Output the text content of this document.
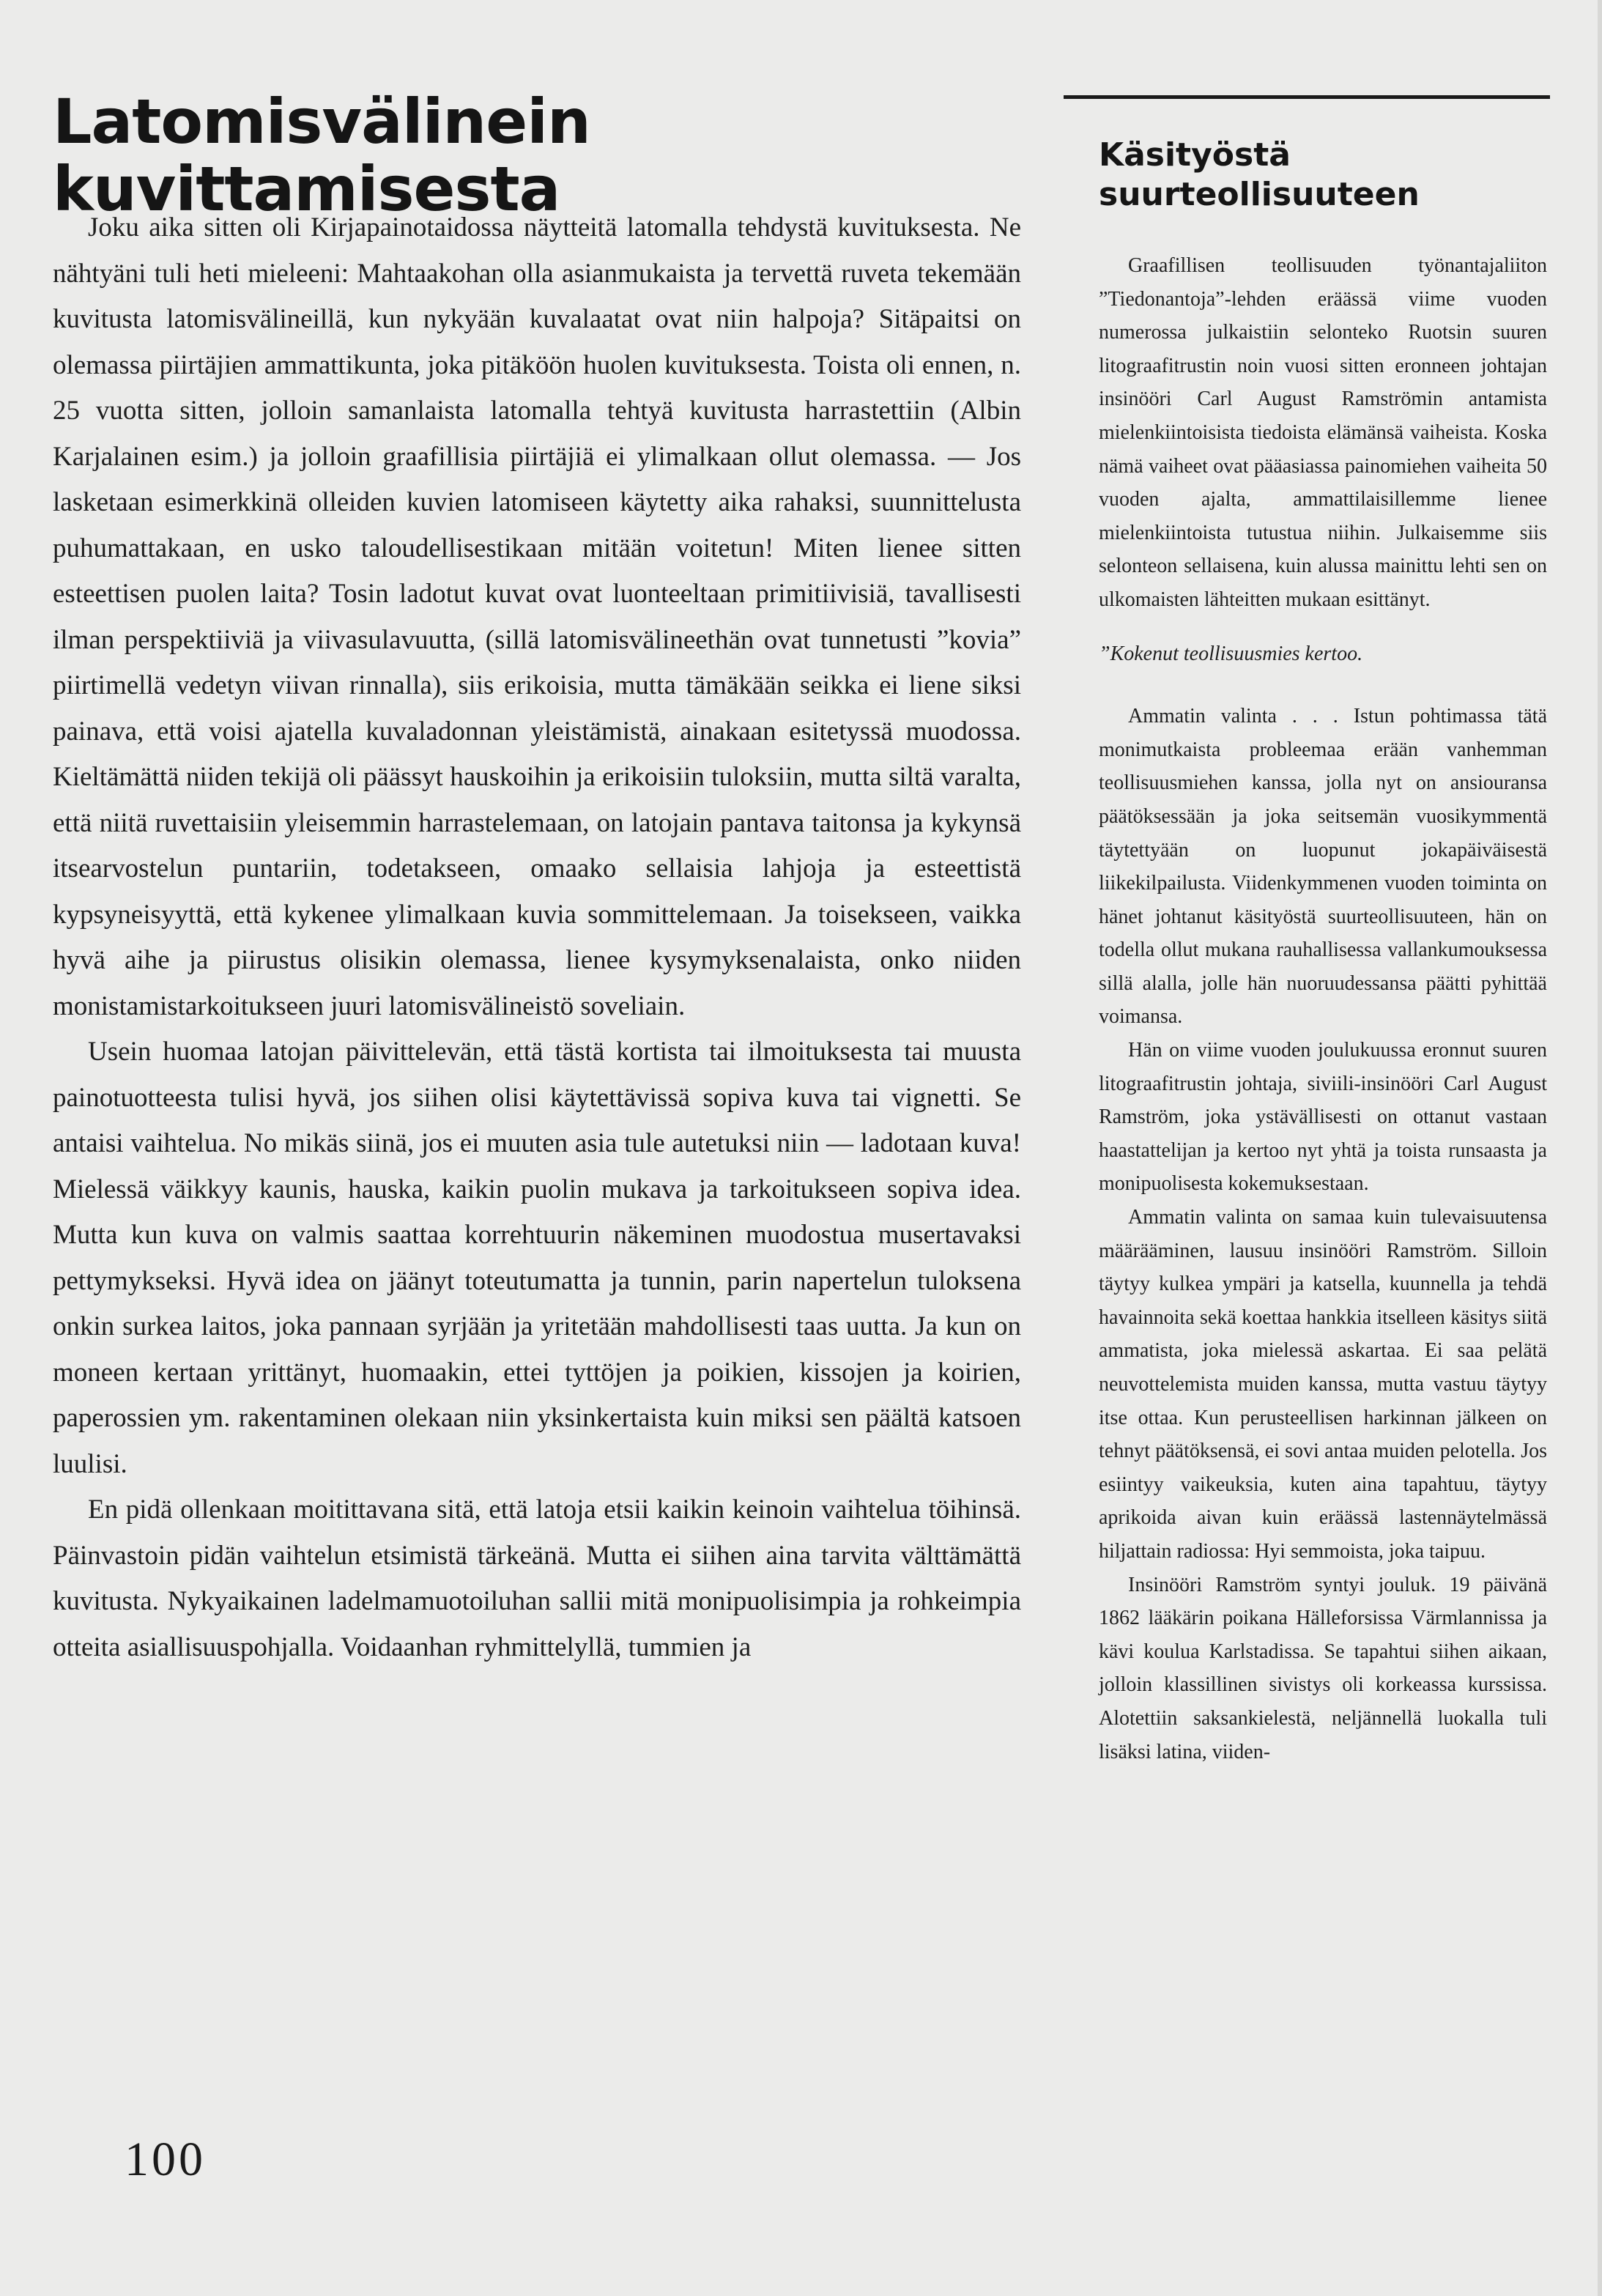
Latomisvälinein kuvittamisesta

Joku aika sitten oli Kirjapainotaidossa näytteitä latomalla tehdystä kuvituksesta. Ne nähtyäni tuli heti mieleeni: Mahtaakohan olla asianmukaista ja tervettä ruveta tekemään kuvitusta latomisvälineillä, kun nykyään kuvalaatat ovat niin halpoja? Sitäpaitsi on olemassa piirtäjien ammattikunta, joka pitäköön huolen kuvituksesta. Toista oli ennen, n. 25 vuotta sitten, jolloin samanlaista latomalla tehtyä kuvitusta harrastettiin (Albin Karjalainen esim.) ja jolloin graafillisia piirtäjiä ei ylimalkaan ollut olemassa. — Jos lasketaan esimerkkinä olleiden kuvien latomiseen käytetty aika rahaksi, suunnittelusta puhumattakaan, en usko taloudellisestikaan mitään voitetun! Miten lienee sitten esteettisen puolen laita? Tosin ladotut kuvat ovat luonteeltaan primitiivisiä, tavallisesti ilman perspektiiviä ja viivasulavuutta, (sillä latomisvälineethän ovat tunnetusti ”kovia” piirtimellä vedetyn viivan rinnalla), siis erikoisia, mutta tämäkään seikka ei liene siksi painava, että voisi ajatella kuvaladonnan yleistämistä, ainakaan esitetyssä muodossa. Kieltämättä niiden tekijä oli päässyt hauskoihin ja erikoisiin tuloksiin, mutta siltä varalta, että niitä ruvettaisiin yleisemmin harrastelemaan, on latojain pantava taitonsa ja kykynsä itsearvostelun puntariin, todetakseen, omaako sellaisia lahjoja ja esteettistä kypsyneisyyttä, että kykenee ylimalkaan kuvia sommittelemaan. Ja toisekseen, vaikka hyvä aihe ja piirustus olisikin olemassa, lienee kysymyksenalaista, onko niiden monistamistarkoitukseen juuri latomisvälineistö soveliain.

Usein huomaa latojan päivittelevän, että tästä kortista tai ilmoituksesta tai muusta painotuotteesta tulisi hyvä, jos siihen olisi käytettävissä sopiva kuva tai vignetti. Se antaisi vaihtelua. No mikäs siinä, jos ei muuten asia tule autetuksi niin — ladotaan kuva! Mielessä väikkyy kaunis, hauska, kaikin puolin mukava ja tarkoitukseen sopiva idea. Mutta kun kuva on valmis saattaa korrehtuurin näkeminen muodostua musertavaksi pettymykseksi. Hyvä idea on jäänyt toteutumatta ja tunnin, parin napertelun tuloksena onkin surkea laitos, joka pannaan syrjään ja yritetään mahdollisesti taas uutta. Ja kun on moneen kertaan yrittänyt, huomaakin, ettei tyttöjen ja poikien, kissojen ja koirien, paperossien ym. rakentaminen olekaan niin yksinkertaista kuin miksi sen päältä katsoen luulisi.

En pidä ollenkaan moitittavana sitä, että latoja etsii kaikin keinoin vaihtelua töihinsä. Päinvastoin pidän vaihtelun etsimistä tärkeänä. Mutta ei siihen aina tarvita välttämättä kuvitusta. Nykyaikainen ladelmamuotoiluhan sallii mitä monipuolisimpia ja rohkeimpia otteita asiallisuuspohjalla. Voidaanhan ryhmittelyllä, tummien ja

100
Käsityöstä suurteollisuuteen

Graafillisen teollisuuden työnantajaliiton ”Tiedonantoja”-lehden eräässä viime vuoden numerossa julkaistiin selonteko Ruotsin suuren litograafitrustin noin vuosi sitten eronneen johtajan insinööri Carl August Ramströmin antamista mielenkiintoisista tiedoista elämänsä vaiheista. Koska nämä vaiheet ovat pääasiassa painomiehen vaiheita 50 vuoden ajalta, ammattilaisillemme lienee mielenkiintoista tutustua niihin. Julkaisemme siis selonteon sellaisena, kuin alussa mainittu lehti sen on ulkomaisten lähteitten mukaan esittänyt.

”Kokenut teollisuusmies kertoo.

Ammatin valinta . . . Istun pohtimassa tätä monimutkaista probleemaa erään vanhemman teollisuusmiehen kanssa, jolla nyt on ansiouransa päätöksessään ja joka seitsemän vuosikymmentä täytettyään on luopunut jokapäiväisestä liikekilpailusta. Viidenkymmenen vuoden toiminta on hänet johtanut käsityöstä suurteollisuuteen, hän on todella ollut mukana rauhallisessa vallankumouksessa sillä alalla, jolle hän nuoruudessansa päätti pyhittää voimansa.

Hän on viime vuoden joulukuussa eronnut suuren litograafitrustin johtaja, siviili-insinööri Carl August Ramström, joka ystävällisesti on ottanut vastaan haastattelijan ja kertoo nyt yhtä ja toista runsaasta ja monipuolisesta kokemuksestaan.

Ammatin valinta on samaa kuin tulevaisuutensa määrääminen, lausuu insinööri Ramström. Silloin täytyy kulkea ympäri ja katsella, kuunnella ja tehdä havainnoita sekä koettaa hankkia itselleen käsitys siitä ammatista, joka mielessä askartaa. Ei saa pelätä neuvottelemista muiden kanssa, mutta vastuu täytyy itse ottaa. Kun perusteellisen harkinnan jälkeen on tehnyt päätöksensä, ei sovi antaa muiden pelotella. Jos esiintyy vaikeuksia, kuten aina tapahtuu, täytyy aprikoida aivan kuin eräässä lastennäytelmässä hiljattain radiossa: Hyi semmoista, joka taipuu.

Insinööri Ramström syntyi jouluk. 19 päivänä 1862 lääkärin poikana Hälleforsissa Värmlannissa ja kävi koulua Karlstadissa. Se tapahtui siihen aikaan, jolloin klassillinen sivistys oli korkeassa kurssissa. Alotettiin saksankielestä, neljännellä luokalla tuli lisäksi latina, viiden-
